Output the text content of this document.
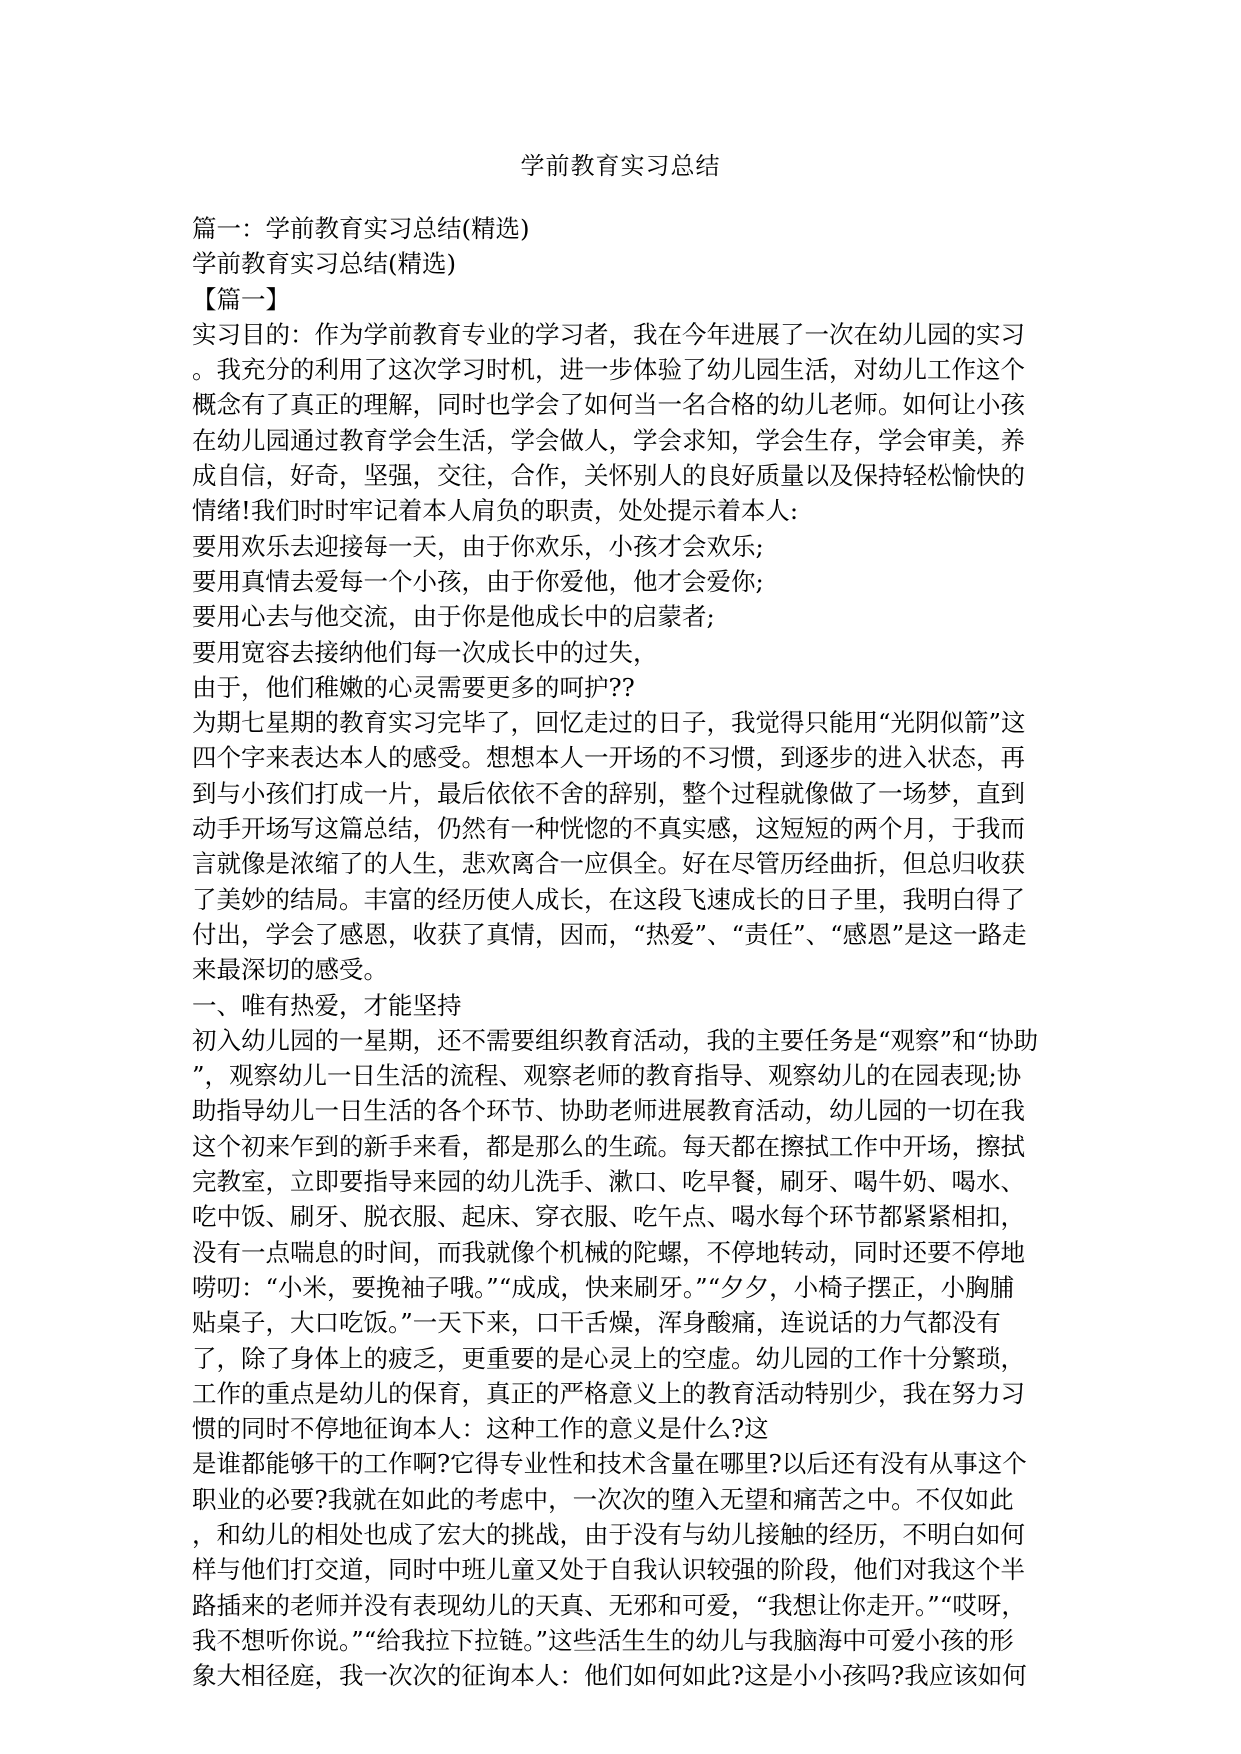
学前教育实习总结
篇一：学前教育实习总结(精选)
学前教育实习总结(精选)
【篇一】
实习目的：作为学前教育专业的学习者，我在今年进展了一次在幼儿园的实习
。我充分的利用了这次学习时机，进一步体验了幼儿园生活，对幼儿工作这个
概念有了真正的理解，同时也学会了如何当一名合格的幼儿老师。如何让小孩
在幼儿园通过教育学会生活，学会做人，学会求知，学会生存，学会审美，养
成自信，好奇，坚强，交往，合作，关怀别人的良好质量以及保持轻松愉快的
情绪!我们时时牢记着本人肩负的职责，处处提示着本人:
要用欢乐去迎接每一天，由于你欢乐，小孩才会欢乐;
要用真情去爱每一个小孩，由于你爱他，他才会爱你;
要用心去与他交流，由于你是他成长中的启蒙者;
要用宽容去接纳他们每一次成长中的过失，
由于，他们稚嫩的心灵需要更多的呵护??
为期七星期的教育实习完毕了，回忆走过的日子，我觉得只能用“光阴似箭”这
四个字来表达本人的感受。想想本人一开场的不习惯，到逐步的进入状态，再
到与小孩们打成一片，最后依依不舍的辞别，整个过程就像做了一场梦，直到
动手开场写这篇总结，仍然有一种恍惚的不真实感，这短短的两个月，于我而
言就像是浓缩了的人生，悲欢离合一应俱全。好在尽管历经曲折，但总归收获
了美妙的结局。丰富的经历使人成长，在这段飞速成长的日子里，我明白得了
付出，学会了感恩，收获了真情，因而，“热爱”、“责任”、“感恩”是这一路走
来最深切的感受。
一、唯有热爱，才能坚持
初入幼儿园的一星期，还不需要组织教育活动，我的主要任务是“观察”和“协助
”，观察幼儿一日生活的流程、观察老师的教育指导、观察幼儿的在园表现;协
助指导幼儿一日生活的各个环节、协助老师进展教育活动，幼儿园的一切在我
这个初来乍到的新手来看，都是那么的生疏。每天都在擦拭工作中开场，擦拭
完教室，立即要指导来园的幼儿洗手、漱口、吃早餐，刷牙、喝牛奶、喝水、
吃中饭、刷牙、脱衣服、起床、穿衣服、吃午点、喝水每个环节都紧紧相扣，
没有一点喘息的时间，而我就像个机械的陀螺，不停地转动，同时还要不停地
唠叨：“小米，要挽袖子哦。”“成成，快来刷牙。”“夕夕，小椅子摆正，小胸脯
贴桌子，大口吃饭。”一天下来，口干舌燥，浑身酸痛，连说话的力气都没有
了，除了身体上的疲乏，更重要的是心灵上的空虚。幼儿园的工作十分繁琐，
工作的重点是幼儿的保育，真正的严格意义上的教育活动特别少，我在努力习
惯的同时不停地征询本人：这种工作的意义是什么?这
是谁都能够干的工作啊?它得专业性和技术含量在哪里?以后还有没有从事这个
职业的必要?我就在如此的考虑中，一次次的堕入无望和痛苦之中。不仅如此
，和幼儿的相处也成了宏大的挑战，由于没有与幼儿接触的经历，不明白如何
样与他们打交道，同时中班儿童又处于自我认识较强的阶段，他们对我这个半
路插来的老师并没有表现幼儿的天真、无邪和可爱，“我想让你走开。”“哎呀，
我不想听你说。”“给我拉下拉链。”这些活生生的幼儿与我脑海中可爱小孩的形
象大相径庭，我一次次的征询本人：他们如何如此?这是小小孩吗?我应该如何
